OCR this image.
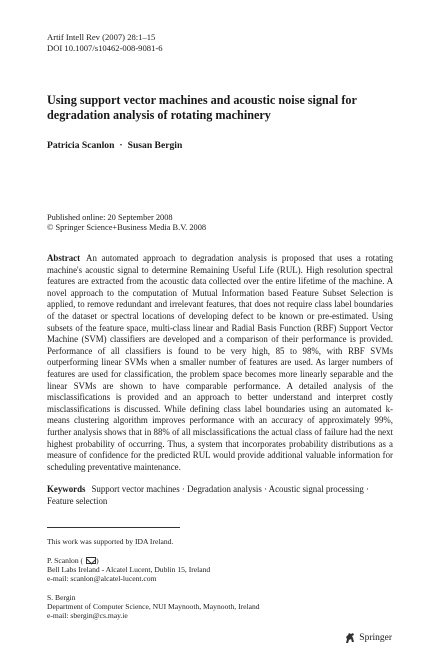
Artif Intell Rev (2007) 28:1–15
DOI 10.1007/s10462-008-9081-6
Using support vector machines and acoustic noise signal for degradation analysis of rotating machinery
Patricia Scanlon · Susan Bergin
Published online: 20 September 2008
© Springer Science+Business Media B.V. 2008

Abstract An automated approach to degradation analysis is proposed that uses a rotating machine's acoustic signal to determine Remaining Useful Life (RUL). High resolution spectral features are extracted from the acoustic data collected over the entire lifetime of the machine. A novel approach to the computation of Mutual Information based Feature Subset Selection is applied, to remove redundant and irrelevant features, that does not require class label boundaries of the dataset or spectral locations of developing defect to be known or pre-estimated. Using subsets of the feature space, multi-class linear and Radial Basis Function (RBF) Support Vector Machine (SVM) classifiers are developed and a comparison of their performance is provided. Performance of all classifiers is found to be very high, 85 to 98%, with RBF SVMs outperforming linear SVMs when a smaller number of features are used. As larger numbers of features are used for classification, the problem space becomes more linearly separable and the linear SVMs are shown to have comparable performance. A detailed analysis of the misclassifications is provided and an approach to better understand and interpret costly misclassifications is discussed. While defining class label boundaries using an automated k-means clustering algorithm improves performance with an accuracy of approximately 99%, further analysis shows that in 88% of all misclassifications the actual class of failure had the next highest probability of occurring. Thus, a system that incorporates probability distributions as a measure of confidence for the predicted RUL would provide additional valuable information for scheduling preventative maintenance.

Keywords Support vector machines · Degradation analysis · Acoustic signal processing · Feature selection

This work was supported by IDA Ireland.
P. Scanlon ( )
Bell Labs Ireland - Alcatel Lucent, Dublin 15, Ireland
e-mail: scanlon@alcatel-lucent.com
S. Bergin
Department of Computer Science, NUI Maynooth, Maynooth, Ireland
e-mail: sbergin@cs.may.ie
Springer
